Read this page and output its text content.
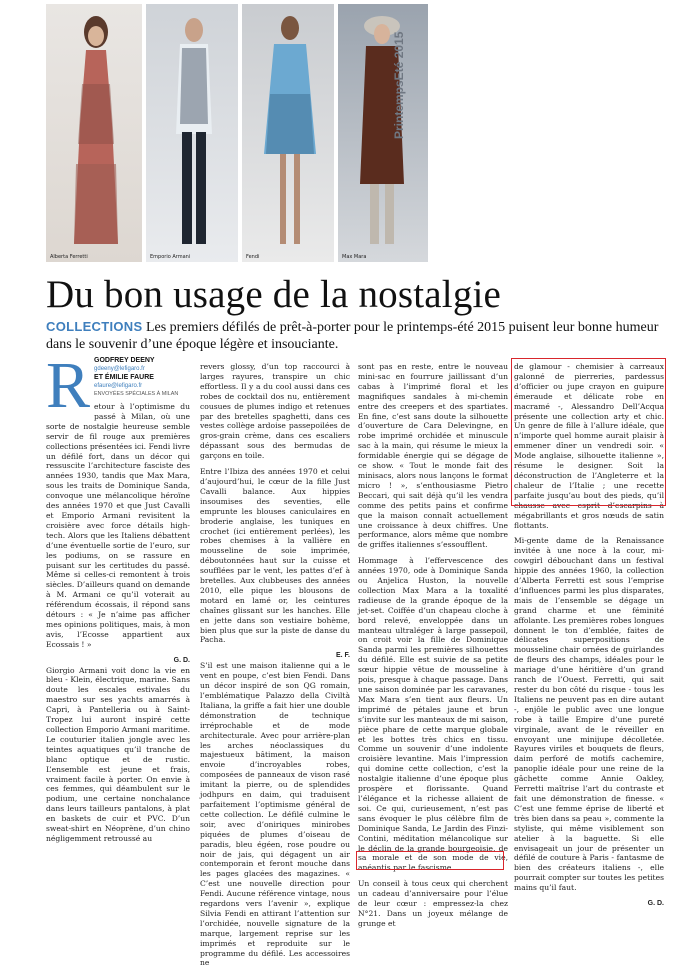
Alberta Ferretti	Emporio Armani	Fendi	Max Mara
PrintempsEté 2015
Du bon usage de la nostalgie
COLLECTIONS Les premiers défilés de prêt-à-porter pour le printemps-été 2015 puisent leur bonne humeur dans le souvenir d’une époque légère et insouciante.
R GODFREY DEENY
gdeeny@lefigaro.fr
ET ÉMILIE FAURE
efaure@lefigaro.fr
ENVOYÉES SPÉCIALES À MILAN

etour à l’optimisme du passé à Milan, où une sorte de nostalgie heureuse semble servir de fil rouge aux premières collections présentées ici. Fendi livre un défilé fort, dans un décor qui ressuscite l’architecture fasciste des années 1930, tandis que Max Mara, sous les traits de Dominique Sanda, convoque une mélancolique héroïne des années 1970 et que Just Cavalli et Emporio Armani revisitent la croisière avec force détails high-tech. Alors que les Italiens débattent d’une éventuelle sortie de l’euro, sur les podiums, on se rassure en puisant sur les certitudes du passé. Même si celles-ci remontent à trois siècles. D’ailleurs quand on demande à M. Armani ce qu’il voterait au référendum écossais, il répond sans détours : « Je n’aime pas afficher mes opinions politiques, mais, à mon avis, l’Ecosse appartient aux Ecossais ! »

G. D.

Giorgio Armani voit donc la vie en bleu - Klein, électrique, marine. Sans doute les escales estivales du maestro sur ses yachts amarrés à Capri, à Pantelleria ou à Saint-Tropez lui auront inspiré cette collection Emporio Armani maritime. Le couturier italien jongle avec les teintes aquatiques qu’il tranche de blanc optique et de rustic. L’ensemble est jeune et frais, vraiment facile à porter. On envie à ces femmes, qui déambulent sur le podium, une certaine nonchalance dans leurs tailleurs pantalons, à plat en baskets de cuir et PVC. D’un sweat-shirt en Néoprène, d’un chino négligemment retroussé au

revers glossy, d’un top raccourci à larges rayures, transpire un chic effortless. Il y a du cool aussi dans ces robes de cocktail dos nu, entièrement cousues de plumes indigo et retenues par des bretelles spaghetti, dans ces vestes collège ardoise passepoilées de gros-grain crème, dans ces escaliers dépassant sous des bermudas de garçons en toile.

Entre l’Ibiza des années 1970 et celui d’aujourd’hui, le cœur de la fille Just Cavalli balance. Aux hippies insoumises des seventies, elle emprunte les blouses caniculaires en broderie anglaise, les tuniques en crochet (ici entièrement perlées), les robes chemises à la vallière en mousseline de soie imprimée, déboutonnées haut sur la cuisse et soufflées par le vent, les pattes d’ef à bretelles. Aux clubbeuses des années 2010, elle pique les blousons de motard en lamé or, les ceintures chaînes glissant sur les hanches. Elle en jette dans son vestiaire bohème, bien plus que sur la piste de danse du Pacha.

E. F.

S’il est une maison italienne qui a le vent en poupe, c’est bien Fendi. Dans un décor inspiré de son QG romain, l’emblématique Palazzo della Civiltà Italiana, la griffe a fait hier une double démonstration de technique irréprochable et de mode architecturale. Avec pour arrière-plan les arches néoclassiques du majestueux bâtiment, la maison envoie d’incroyables robes, composées de panneaux de vison rasé imitant la pierre, ou de splendides jodhpurs en daim, qui traduisent parfaitement l’optimisme général de cette collection. Le défilé culmine le soir, avec d’oniriques minirobes piquées de plumes d’oiseau de paradis, bleu égéen, rose poudre ou noir de jais, qui dégagent un air contemporain et feront mouche dans les pages glacées des magazines. « C’est une nouvelle direction pour Fendi. Aucune référence vintage, nous regardons vers l’avenir », explique Silvia Fendi en attirant l’attention sur l’orchidée, nouvelle signature de la marque, largement reprise sur les imprimés et reproduite sur le programme du défilé. Les accessoires ne

sont pas en reste, entre le nouveau mini-sac en fourrure jaillissant d’un cabas à l’imprimé floral et les magnifiques sandales à mi-chemin entre des creepers et des spartiates. En fine, c’est sans doute la silhouette d’ouverture de Cara Delevingne, en robe imprimé orchidée et minuscule sac à la main, qui résume le mieux la formidable énergie qui se dégage de ce show. « Tout le monde fait des minisacs, alors nous lançons le format micro ! », s’enthousiasme Pietro Beccari, qui sait déjà qu’il les vendra comme des petits pains et confirme que la maison connaît actuellement une croissance à deux chiffres. Une performance, alors même que nombre de griffes italiennes s’essoufflent.

Hommage à l’effervescence des années 1970, ode à Dominique Sanda ou Anjelica Huston, la nouvelle collection Max Mara a la toxalité radieuse de la grande époque de la jet-set. Coiffée d’un chapeau cloche à bord relevé, enveloppée dans un manteau ultraléger à large passepoil, on croit voir la fille de Dominique Sanda parmi les premières silhouettes du défilé. Elle est suivie de sa petite sœur hippie vêtue de mousseline à pois, presque à chaque passage. Dans une saison dominée par les caravanes, Max Mara s’en tient aux fleurs. Un imprimé de pétales jaune et brun s’invite sur les manteaux de mi saison, pièce phare de cette marque globale et les bottes très chics en tissu. Comme un souvenir d’une indolente croisière levantine. Mais l’impression qui domine cette collection, c’est la nostalgie italienne d’une époque plus prospère et florissante. Quand l’élégance et la richesse allaient de soi. Ce qui, curieusement, n’est pas sans évoquer le plus célèbre film de Dominique Sanda, Le Jardin des Finzi-Contini, méditation mélancolique sur le déclin de la grande bourgeoisie, de sa morale et de son mode de vie, anéantis par le fascisme.

Un conseil à tous ceux qui cherchent un cadeau d’anniversaire pour l’élue de leur cœur : empressez-la chez N°21. Dans un joyeux mélange de grunge et

de glamour - chemisier à carreaux galonné de pierreries, pardessus d’officier ou jupe crayon en guipure émeraude et délicate robe en macramé -, Alessandro Dell’Acqua présente une collection arty et chic. Un genre de fille à l’allure idéale, que n’importe quel homme aurait plaisir à emmener dîner un vendredi soir. « Mode anglaise, silhouette italienne », résume le designer. Soit la déconstruction de l’Angleterre et la chaleur de l’Italie ; une recette parfaite jusqu’au bout des pieds, qu’il chausse avec esprit d’escarpins à mégabrillants et gros nœuds de satin flottants.

Mi-gente dame de la Renaissance invitée à une noce à la cour, mi-cowgirl débouchant dans un festival hippie des années 1960, la collection d’Alberta Ferretti est sous l’emprise d’influences parmi les plus disparates, mais de l’ensemble se dégage un grand charme et une féminité affolante. Les premières robes longues donnent le ton d’emblée, faites de délicates superpositions de mousseline chair ornées de guirlandes de fleurs des champs, idéales pour le mariage d’une héritière d’un grand ranch de l’Ouest. Ferretti, qui sait rester du bon côté du risque - tous les Italiens ne peuvent pas en dire autant -, enjôle le public avec une longue robe à taille Empire d’une pureté virginale, avant de le réveiller en envoyant une minijupe décolletée. Rayures viriles et bouquets de fleurs, daim perforé de motifs cachemire, panoplie idéale pour une reine de la gâchette comme Annie Oakley, Ferretti maîtrise l’art du contraste et fait une démonstration de finesse. « C’est une femme éprise de liberté et très bien dans sa peau », commente la styliste, qui même visiblement son atelier à la baguette. Si elle envisageait un jour de présenter un défilé de couture à Paris - fantasme de bien des créateurs italiens -, elle pourrait compter sur toutes les petites mains qu’il faut.

G. D.
